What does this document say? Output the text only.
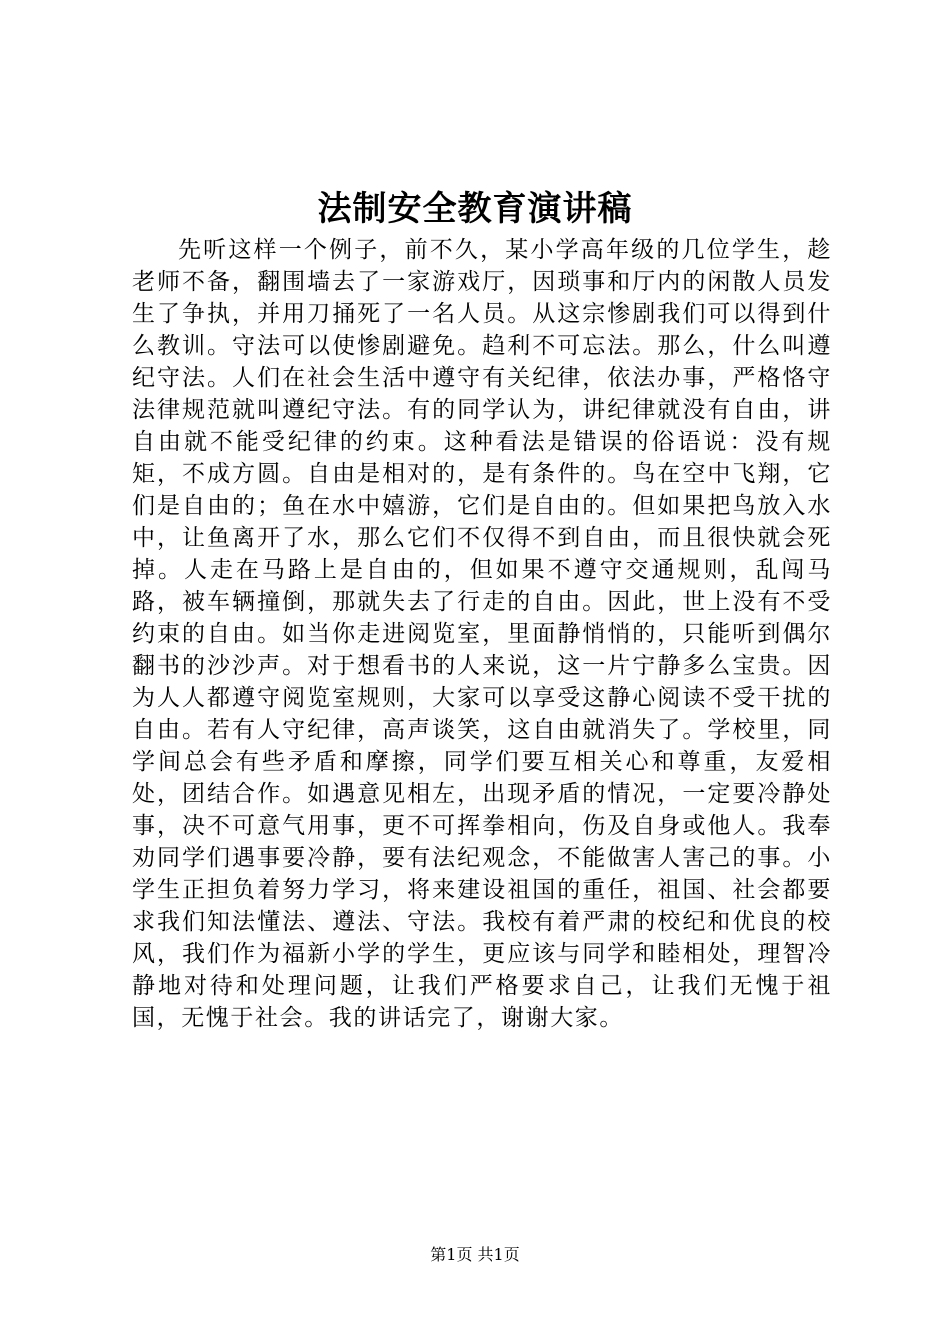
法制安全教育演讲稿

先听这样一个例子，前不久，某小学高年级的几位学生，趁老师不备，翻围墙去了一家游戏厅，因琐事和厅内的闲散人员发生了争执，并用刀捅死了一名人员。从这宗惨剧我们可以得到什么教训。守法可以使惨剧避免。趋利不可忘法。那么，什么叫遵纪守法。人们在社会生活中遵守有关纪律，依法办事，严格恪守法律规范就叫遵纪守法。有的同学认为，讲纪律就没有自由，讲自由就不能受纪律的约束。这种看法是错误的俗语说：没有规矩，不成方圆。自由是相对的，是有条件的。鸟在空中飞翔，它们是自由的；鱼在水中嬉游，它们是自由的。但如果把鸟放入水中，让鱼离开了水，那么它们不仅得不到自由，而且很快就会死掉。人走在马路上是自由的，但如果不遵守交通规则，乱闯马路，被车辆撞倒，那就失去了行走的自由。因此，世上没有不受约束的自由。如当你走进阅览室，里面静悄悄的，只能听到偶尔翻书的沙沙声。对于想看书的人来说，这一片宁静多么宝贵。因为人人都遵守阅览室规则，大家可以享受这静心阅读不受干扰的自由。若有人守纪律，高声谈笑，这自由就消失了。学校里，同学间总会有些矛盾和摩擦，同学们要互相关心和尊重，友爱相处，团结合作。如遇意见相左，出现矛盾的情况，一定要冷静处事，决不可意气用事，更不可挥拳相向，伤及自身或他人。我奉劝同学们遇事要冷静，要有法纪观念，不能做害人害己的事。小学生正担负着努力学习，将来建设祖国的重任，祖国、社会都要求我们知法懂法、遵法、守法。我校有着严肃的校纪和优良的校风，我们作为福新小学的学生，更应该与同学和睦相处，理智冷静地对待和处理问题，让我们严格要求自己，让我们无愧于祖国，无愧于社会。我的讲话完了，谢谢大家。

第1页 共1页
